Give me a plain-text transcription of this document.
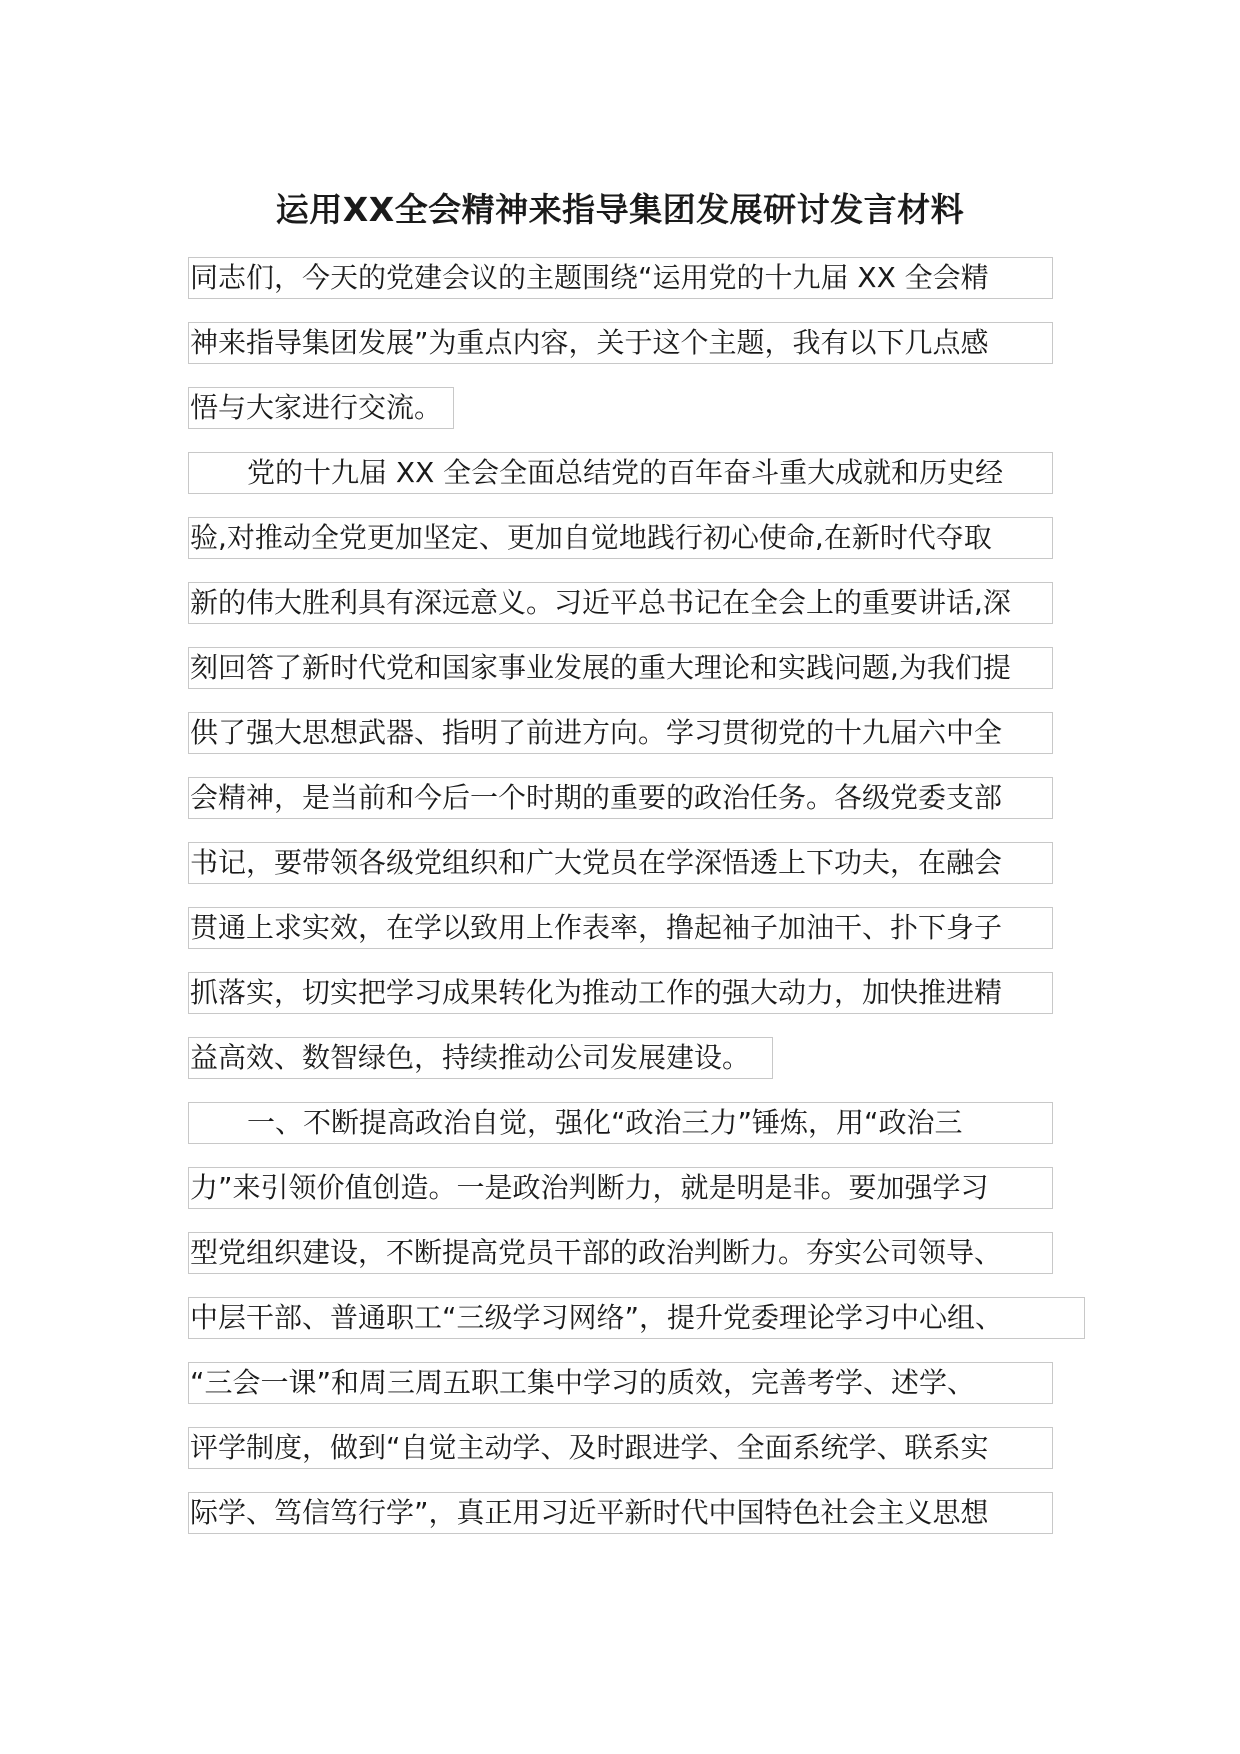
运用XX全会精神来指导集团发展研讨发言材料
同志们，今天的党建会议的主题围绕“运用党的十九届 XX 全会精
神来指导集团发展”为重点内容，关于这个主题，我有以下几点感
悟与大家进行交流。
党的十九届 XX 全会全面总结党的百年奋斗重大成就和历史经
验,对推动全党更加坚定、更加自觉地践行初心使命,在新时代夺取
新的伟大胜利具有深远意义。习近平总书记在全会上的重要讲话,深
刻回答了新时代党和国家事业发展的重大理论和实践问题,为我们提
供了强大思想武器、指明了前进方向。学习贯彻党的十九届六中全
会精神，是当前和今后一个时期的重要的政治任务。各级党委支部
书记，要带领各级党组织和广大党员在学深悟透上下功夫，在融会
贯通上求实效，在学以致用上作表率，撸起袖子加油干、扑下身子
抓落实，切实把学习成果转化为推动工作的强大动力，加快推进精
益高效、数智绿色，持续推动公司发展建设。
一、不断提高政治自觉，强化“政治三力”锤炼，用“政治三
力”来引领价值创造。一是政治判断力，就是明是非。要加强学习
型党组织建设，不断提高党员干部的政治判断力。夯实公司领导、
中层干部、普通职工“三级学习网络”，提升党委理论学习中心组、
“三会一课”和周三周五职工集中学习的质效，完善考学、述学、
评学制度，做到“自觉主动学、及时跟进学、全面系统学、联系实
际学、笃信笃行学”，真正用习近平新时代中国特色社会主义思想
